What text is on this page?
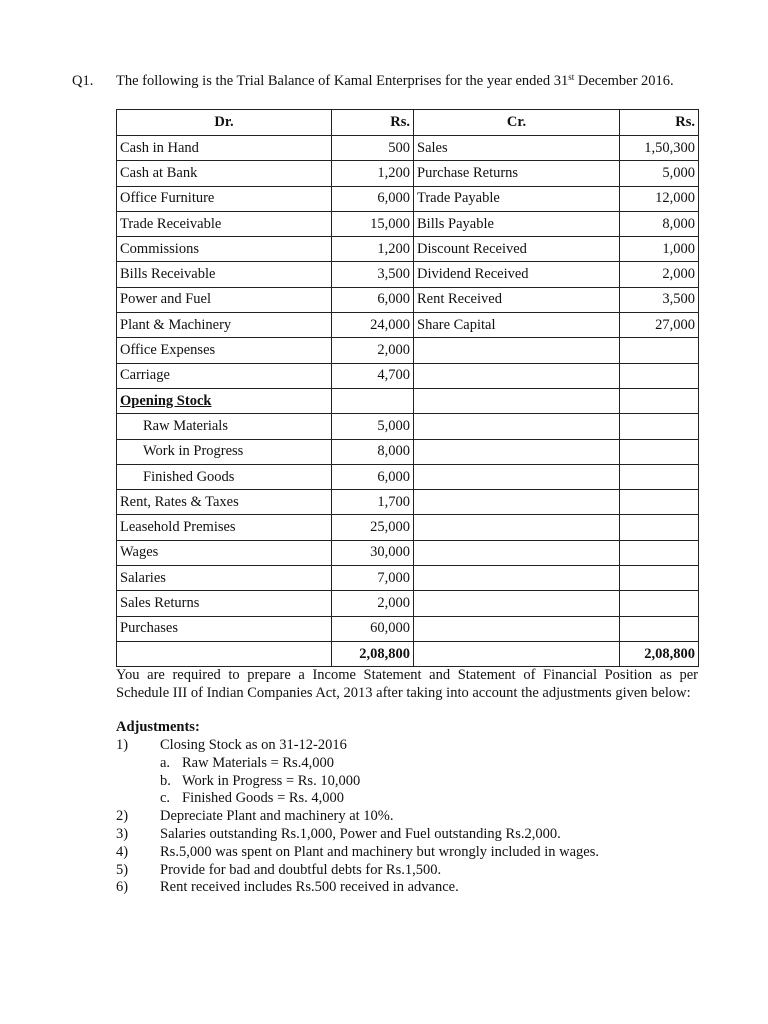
Q1. The following is the Trial Balance of Kamal Enterprises for the year ended 31st December 2016.
Dr.	Rs.	Cr.	Rs.
Cash in Hand	500	Sales	1,50,300
Cash at Bank	1,200	Purchase Returns	5,000
Office Furniture	6,000	Trade Payable	12,000
Trade Receivable	15,000	Bills Payable	8,000
Commissions	1,200	Discount Received	1,000
Bills Receivable	3,500	Dividend Received	2,000
Power and Fuel	6,000	Rent Received	3,500
Plant & Machinery	24,000	Share Capital	27,000
Office Expenses	2,000		
Carriage	4,700		
Opening Stock			
Raw Materials	5,000		
Work in Progress	8,000		
Finished Goods	6,000		
Rent, Rates & Taxes	1,700		
Leasehold Premises	25,000		
Wages	30,000		
Salaries	7,000		
Sales Returns	2,000		
Purchases	60,000		
	2,08,800		2,08,800
You are required to prepare a Income Statement and Statement of Financial Position as per Schedule III of Indian Companies Act, 2013 after taking into account the adjustments given below:
Adjustments:
1) Closing Stock as on 31-12-2016
a. Raw Materials = Rs.4,000
b. Work in Progress = Rs. 10,000
c. Finished Goods = Rs. 4,000
2) Depreciate Plant and machinery at 10%.
3) Salaries outstanding Rs.1,000, Power and Fuel outstanding Rs.2,000.
4) Rs.5,000 was spent on Plant and machinery but wrongly included in wages.
5) Provide for bad and doubtful debts for Rs.1,500.
6) Rent received includes Rs.500 received in advance.
